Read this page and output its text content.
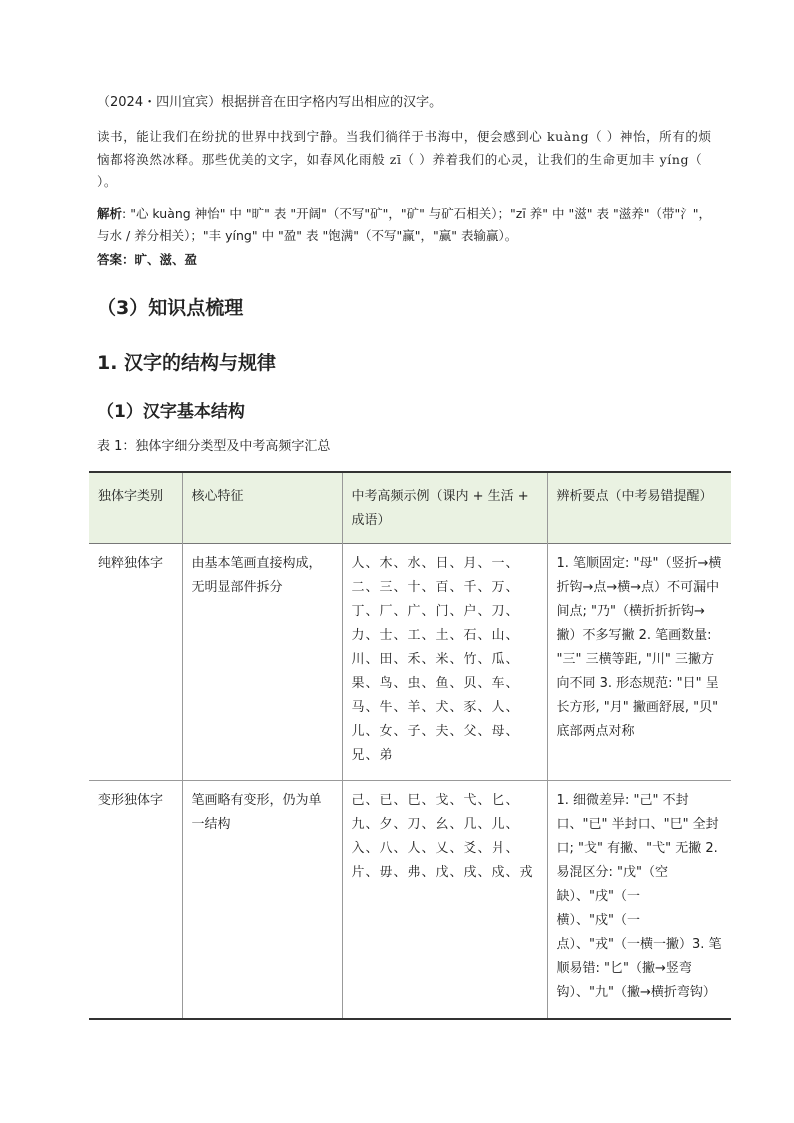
（2024・四川宜宾）根据拼音在田字格内写出相应的汉字。

读书，能让我们在纷扰的世界中找到宁静。当我们徜徉于书海中，便会感到心 kuàng（ ）神怡，所有的烦恼都将涣然冰释。那些优美的文字，如春风化雨般 zī（ ）养着我们的心灵，让我们的生命更加丰 yíng（ ）。

解析: "心 kuàng 神怡" 中 "旷" 表 "开阔"（不写"矿"，"矿" 与矿石相关）；"zī 养" 中 "滋" 表 "滋养"（带"氵"，与水 / 养分相关）；"丰 yíng" 中 "盈" 表 "饱满"（不写"赢"，"赢" 表输赢）。

答案：旷、滋、盈

（3）知识点梳理
1. 汉字的结构与规律
（1）汉字基本结构

表 1：独体字细分类型及中考高频字汇总

独体字类别	核心特征	中考高频示例（课内 + 生活 + 成语）	辨析要点（中考易错提醒）
纯粹独体字	由基本笔画直接构成，无明显部件拆分	人、木、水、日、月、一、二、三、十、百、千、万、丁、厂、广、门、户、刀、力、士、工、土、石、山、川、田、禾、米、竹、瓜、果、鸟、虫、鱼、贝、车、马、牛、羊、犬、豕、人、儿、女、子、夫、父、母、兄、弟	1. 笔顺固定: "母"（竖折→横折钩→点→横→点）不可漏中间点; "乃"（横折折折钩→撇）不多写撇 2. 笔画数量: "三" 三横等距, "川" 三撇方向不同 3. 形态规范: "日" 呈长方形, "月" 撇画舒展, "贝" 底部两点对称
变形独体字	笔画略有变形，仍为单一结构	己、已、巳、戈、弋、匕、九、夕、刀、幺、几、儿、入、八、人、乂、爻、爿、片、毋、弗、戊、戌、戍、戎	1. 细微差异: "己" 不封口、"已" 半封口、"巳" 全封口; "戈" 有撇、"弋" 无撇 2. 易混区分: "戊"（空缺）、"戌"（一横）、"戍"（一点）、"戎"（一横一撇）3. 笔顺易错: "匕"（撇→竖弯钩）、"九"（撇→横折弯钩）
